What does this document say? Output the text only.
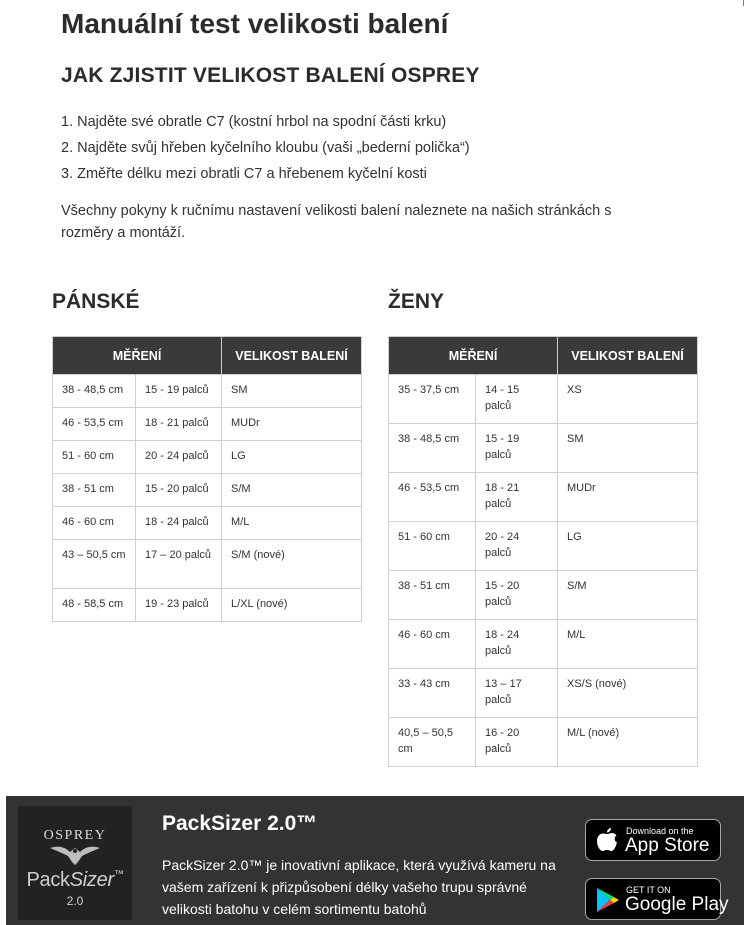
Manuální test velikosti balení
JAK ZJISTIT VELIKOST BALENÍ OSPREY
1. Najděte své obratle C7 (kostní hrbol na spodní části krku)
2. Najděte svůj hřeben kyčelního kloubu (vaši „bederní polička“)
3. Změřte délku mezi obratli C7 a hřebenem kyčelní kosti

Všechny pokyny k ručnímu nastavení velikosti balení naleznete na našich stránkách s rozměry a montáží.

PÁNSKÉ
MĚŘENÍ		VELIKOST BALENÍ
38 - 48,5 cm	15 - 19 palců	SM
46 - 53,5 cm	18 - 21 palců	MUDr
51 - 60 cm	20 - 24 palců	LG
38 - 51 cm	15 - 20 palců	S/M
46 - 60 cm	18 - 24 palců	M/L
43 – 50,5 cm	17 – 20 palců	S/M (nové)
48 - 58,5 cm	19 - 23 palců	L/XL (nové)
ŽENY
MĚŘENÍ		VELIKOST BALENÍ
35 - 37,5 cm	14 - 15 palců	XS
38 - 48,5 cm	15 - 19 palců	SM
46 - 53,5 cm	18 - 21 palců	MUDr
51 - 60 cm	20 - 24 palců	LG
38 - 51 cm	15 - 20 palců	S/M
46 - 60 cm	18 - 24 palců	M/L
33 - 43 cm	13 – 17 palců	XS/S (nové)
40,5 – 50,5 cm	16 - 20 palců	M/L (nové)
OSPREY
PackSizer™
2.0
PackSizer 2.0™

PackSizer 2.0™ je inovativní aplikace, která využívá kameru na vašem zařízení k přizpůsobení délky vašeho trupu správné velikosti batohu v celém sortimentu batohů

Download on the
App Store
GET IT ON
Google Play
